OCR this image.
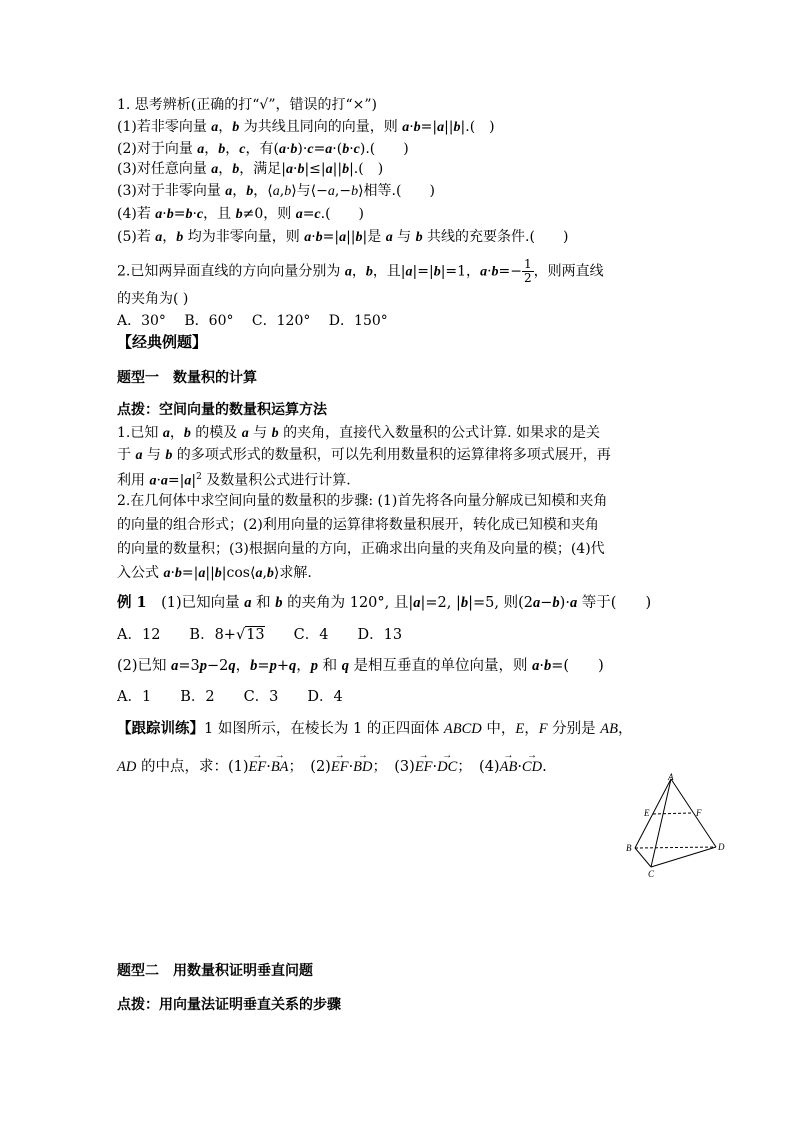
1. 思考辨析(正确的打“√”，错误的打“×”)
(1)若非零向量 a，b 为共线且同向的向量，则 a·b=|a||b|.(　)
(2)对于向量 a，b，c，有(a·b)·c=a·(b·c).(　　)
(3)对任意向量 a，b，满足|a·b|≤|a||b|.(　)
(3)对于非零向量 a，b，⟨a,b⟩与⟨−a,−b⟩相等.(　　)
(4)若 a·b=b·c，且 b≠0，则 a=c.(　　)
(5)若 a，b 均为非零向量，则 a·b=|a||b|是 a 与 b 共线的充要条件.(　　)
2.已知两异面直线的方向向量分别为 a，b，且|a|=|b|=1，$a\cdot b=- \frac{1}{2}$ ，则两直线
的夹角为( )
A．30°　 B．60°　 C．120°　 D．150°
【经典例题】
题型一　数量积的计算
点拨：空间向量的数量积运算方法
1.已知 a，b 的模及 a 与 b 的夹角，直接代入数量积的公式计算. 如果求的是关
于 a 与 b 的多项式形式的数量积，可以先利用数量积的运算律将多项式展开，再
利用 $a\cdot a=|a|^2$ 及数量积公式进行计算.
2.在几何体中求空间向量的数量积的步骤: (1)首先将各向量分解成已知模和夹角
的向量的组合形式；(2)利用向量的运算律将数量积展开，转化成已知模和夹角
的向量的数量积；(3)根据向量的方向，正确求出向量的夹角及向量的模；(4)代
入公式 a·b=|a||b|cos⟨a,b⟩求解.
例 1　(1)已知向量 a 和 b 的夹角为 120°, 且|a|=2, |b|=5, 则(2a−b)·a 等于(　　)
A．12　　B．8+√13　　C．4　　D．13
(2)已知 a=3p−2q，b=p+q，p 和 q 是相互垂直的单位向量，则 a·b=(　　)
A．1　　B．2　　C．3　　D．4
【跟踪训练】1 如图所示，在棱长为 1 的正四面体 ABCD 中，E，F 分别是 AB，
AD 的中点，求：(1)→ EF·→ BA；　(2)→ EF·→ BD；　(3)→ EF·→ DC；　(4)→ AB·→ CD.
A
E	F
B	D
C
题型二　用数量积证明垂直问题
点拨：用向量法证明垂直关系的步骤
